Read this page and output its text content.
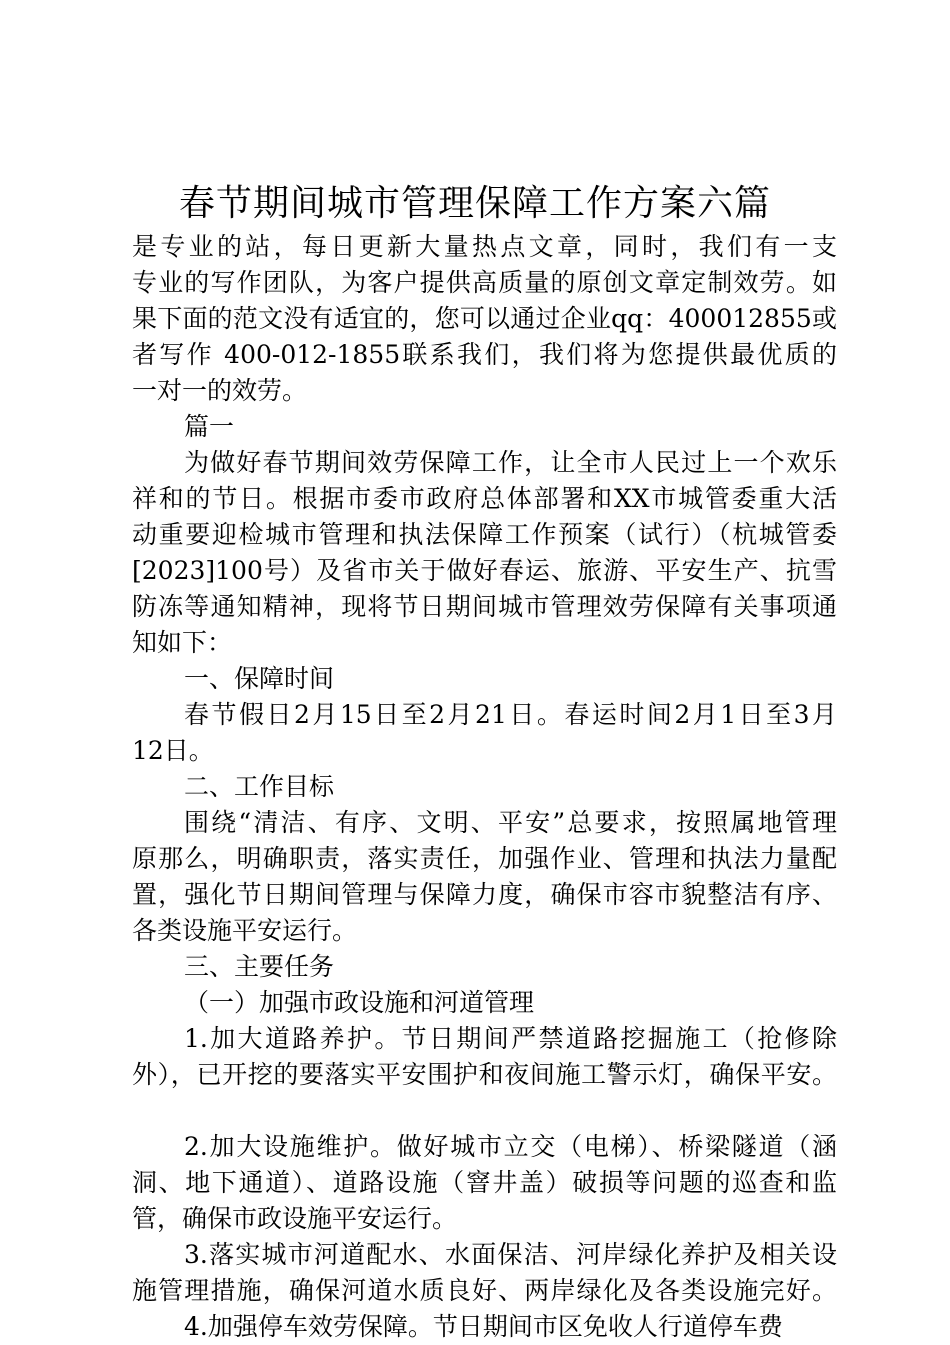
春节期间城市管理保障工作方案六篇
是专业的站，每日更新大量热点文章，同时，我们有一支
专业的写作团队，为客户提供高质量的原创文章定制效劳。如
果下面的范文没有适宜的，您可以通过企业qq：400012855或
者写作 400-012-1855联系我们，我们将为您提供最优质的
一对一的效劳。
篇一
为做好春节期间效劳保障工作，让全市人民过上一个欢乐
祥和的节日。根据市委市政府总体部署和XX市城管委重大活
动重要迎检城市管理和执法保障工作预案（试行）（杭城管委
[2023]100号）及省市关于做好春运、旅游、平安生产、抗雪
防冻等通知精神，现将节日期间城市管理效劳保障有关事项通
知如下：
一、保障时间
春节假日2月15日至2月21日。春运时间2月1日至3月
12日。
二、工作目标
围绕“清洁、有序、文明、平安”总要求，按照属地管理
原那么，明确职责，落实责任，加强作业、管理和执法力量配
置，强化节日期间管理与保障力度，确保市容市貌整洁有序、
各类设施平安运行。
三、主要任务
（一）加强市政设施和河道管理
1.加大道路养护。节日期间严禁道路挖掘施工（抢修除
外），已开挖的要落实平安围护和夜间施工警示灯，确保平安。
2.加大设施维护。做好城市立交（电梯）、桥梁隧道（涵
洞、地下通道）、道路设施（窨井盖）破损等问题的巡查和监
管，确保市政设施平安运行。
3.落实城市河道配水、水面保洁、河岸绿化养护及相关设
施管理措施，确保河道水质良好、两岸绿化及各类设施完好。
4.加强停车效劳保障。节日期间市区免收人行道停车费
